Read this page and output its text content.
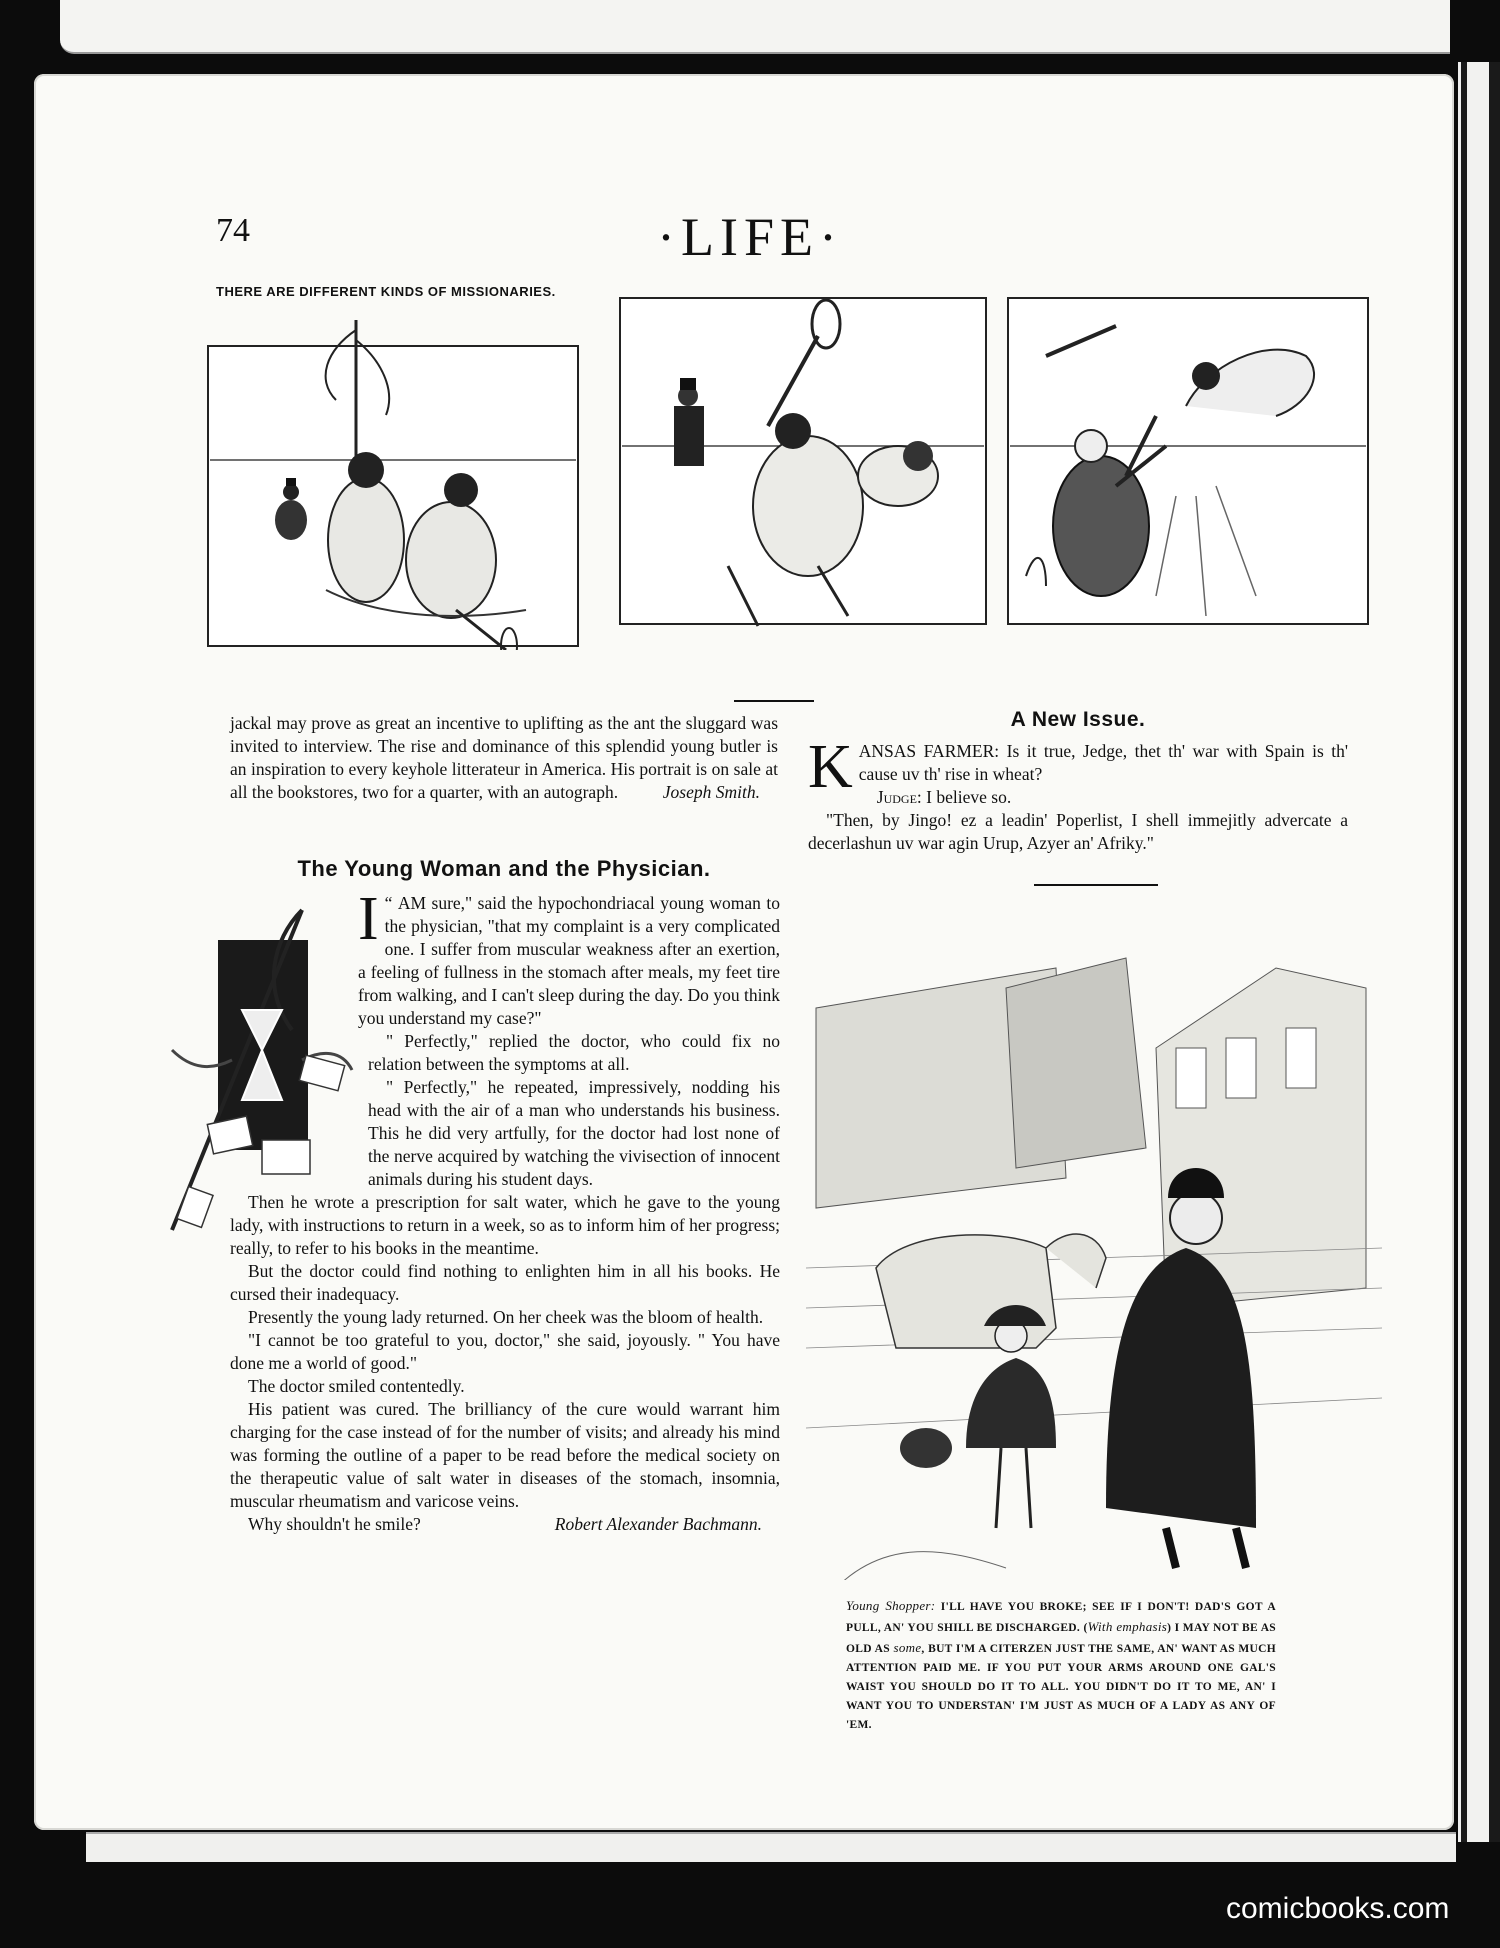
74	·LIFE·
THERE ARE DIFFERENT KINDS OF MISSIONARIES.

jackal may prove as great an incentive to uplifting as the ant the sluggard was invited to interview. The rise and dominance of this splendid young butler is an inspiration to every keyhole litterateur in America. His portrait is on sale at all the bookstores, two for a quarter, with an autograph.	Joseph Smith.
The Young Woman and the Physician.

“
I AM sure," said the hypochondriacal young woman to the physician, "that my complaint is a very complicated one. I suffer from muscular weakness after an exertion, a feeling of fullness in the stomach after meals, my feet tire from walking, and I can't sleep during the day. Do you think you understand my case?"

" Perfectly," replied the doctor, who could fix no relation between the symptoms at all.

" Perfectly," he repeated, impressively, nodding his head with the air of a man who understands his business. This he did very artfully, for the doctor had lost none of the nerve acquired by watching the vivisection of innocent animals during his student days.

Then he wrote a prescription for salt water, which he gave to the young lady, with instructions to return in a week, so as to inform him of her progress; really, to refer to his books in the meantime.

But the doctor could find nothing to enlighten him in all his books. He cursed their inadequacy.

Presently the young lady returned. On her cheek was the bloom of health.

"I cannot be too grateful to you, doctor," she said, joyously. " You have done me a world of good."

The doctor smiled contentedly.

His patient was cured. The brilliancy of the cure would warrant him charging for the case instead of for the number of visits; and already his mind was forming the outline of a paper to be read before the medical society on the therapeutic value of salt water in diseases of the stomach, insomnia, muscular rheumatism and varicose veins.

Why shouldn't he smile?	Robert Alexander Bachmann.

A New Issue.

KANSAS FARMER: Is it true, Jedge, thet th' war with Spain is th' cause uv th' rise in wheat?

Judge: I believe so.

"Then, by Jingo! ez a leadin' Poperlist, I shell immejitly advercate a decerlashun uv war agin Urup, Azyer an' Afriky."

Young Shopper: I'LL HAVE YOU BROKE; SEE IF I DON'T! DAD'S GOT A PULL, AN' YOU SHILL BE DISCHARGED. (With emphasis) I MAY NOT BE AS OLD AS some, BUT I'M A CITERZEN JUST THE SAME, AN' WANT AS MUCH ATTENTION PAID ME. IF YOU PUT YOUR ARMS AROUND ONE GAL'S WAIST YOU SHOULD DO IT TO ALL. YOU DIDN'T DO IT TO ME, AN' I WANT YOU TO UNDERSTAN' I'M JUST AS MUCH OF A LADY AS ANY OF 'EM.
comicbooks.com
